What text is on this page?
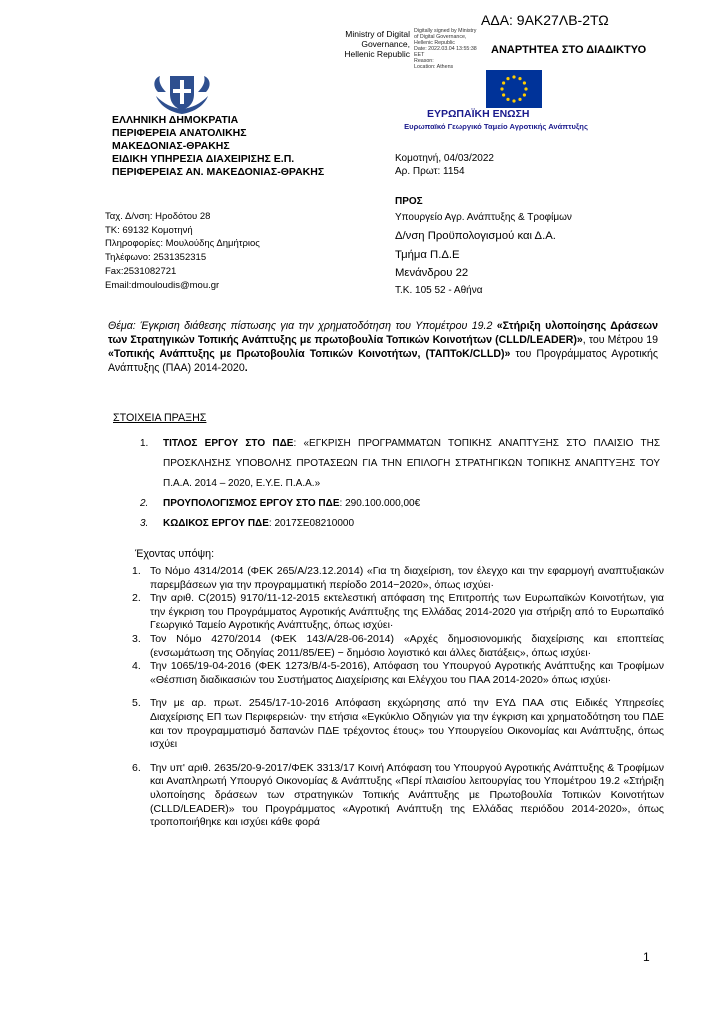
ΑΔΑ: 9ΑΚ27ΛΒ-2ΤΩ
Ministry of Digital
Governance,
Hellenic Republic
Digitally signed by Ministry
of Digital Governance,
Hellenic Republic
Date: 2022.03.04 13:55:38
EET
Reason:
Location: Athens
ΑΝΑΡΤΗΤΕΑ ΣΤΟ ΔΙΑΔΙΚΤΥΟ
ΕΛΛΗΝΙΚΗ ΔΗΜΟΚΡΑΤΙΑ
ΠΕΡΙΦΕΡΕΙΑ ΑΝΑΤΟΛΙΚΗΣ
ΜΑΚΕΔΟΝΙΑΣ-ΘΡΑΚΗΣ
ΕΙΔΙΚΗ ΥΠΗΡΕΣΙΑ ΔΙΑΧΕΙΡΙΣΗΣ Ε.Π.
ΠΕΡΙΦΕΡΕΙΑΣ ΑΝ. ΜΑΚΕΔΟΝΙΑΣ-ΘΡΑΚΗΣ
ΕΥΡΩΠΑΪΚΗ ΕΝΩΣΗ
Ευρωπαϊκό Γεωργικό Ταμείο Αγροτικής Ανάπτυξης
Κομοτηνή, 04/03/2022
Αρ. Πρωτ: 1154
Ταχ. Δ/νση: Ηροδότου 28
ΤΚ: 69132 Κομοτηνή
Πληροφορίες: Μουλούδης Δημήτριος
Τηλέφωνο: 2531352315
Fax:2531082721
Email:dmouloudis@mou.gr
ΠΡΟΣ
Υπουργείο Αγρ. Ανάπτυξης & Τροφίμων
Δ/νση Προϋπολογισμού και Δ.Α.
Τμήμα Π.Δ.Ε
Μενάνδρου 22
Τ.Κ. 105 52 - Αθήνα
Θέμα: Έγκριση διάθεσης πίστωσης για την χρηματοδότηση του Υπομέτρου 19.2 «Στήριξη υλοποίησης Δράσεων των Στρατηγικών Τοπικής Ανάπτυξης με πρωτοβουλία Τοπικών Κοινοτήτων (CLLD/LEADER)», του Μέτρου 19 «Τοπικής Ανάπτυξης με Πρωτοβουλία Τοπικών Κοινοτήτων, (ΤΑΠΤοΚ/CLLD)» του Προγράμματος Αγροτικής Ανάπτυξης (ΠΑΑ) 2014-2020.
ΣΤΟΙΧΕΙΑ ΠΡΑΞΗΣ
1.	ΤΙΤΛΟΣ ΕΡΓΟΥ ΣΤΟ ΠΔΕ: «ΕΓΚΡΙΣΗ ΠΡΟΓΡΑΜΜΑΤΩΝ ΤΟΠΙΚΗΣ ΑΝΑΠΤΥΞΗΣ ΣΤΟ ΠΛΑΙΣΙΟ ΤΗΣ ΠΡΟΣΚΛΗΣΗΣ ΥΠΟΒΟΛΗΣ ΠΡΟΤΑΣΕΩΝ ΓΙΑ ΤΗΝ ΕΠΙΛΟΓΗ ΣΤΡΑΤΗΓΙΚΩΝ ΤΟΠΙΚΗΣ ΑΝΑΠΤΥΞΗΣ ΤΟΥ Π.Α.Α. 2014 – 2020, Ε.Υ.Ε. Π.Α.Α.»
2.	ΠΡΟΥΠΟΛΟΓΙΣΜΟΣ ΕΡΓΟΥ ΣΤΟ ΠΔΕ: 290.100.000,00€
3.	ΚΩΔΙΚΟΣ ΕΡΓΟΥ ΠΔΕ: 2017ΣΕ08210000
Έχοντας υπόψη:
1. Το Νόμο 4314/2014 (ΦΕΚ 265/Α/23.12.2014) «Για τη διαχείριση, τον έλεγχο και την εφαρμογή αναπτυξιακών παρεμβάσεων για την προγραμματική περίοδο 2014−2020», όπως ισχύει·
2. Την αριθ. C(2015) 9170/11-12-2015 εκτελεστική απόφαση της Επιτροπής των Ευρωπαϊκών Κοινοτήτων, για την έγκριση του Προγράμματος Αγροτικής Ανάπτυξης της Ελλάδας 2014-2020 για στήριξη από το Ευρωπαϊκό Γεωργικό Ταμείο Αγροτικής Ανάπτυξης, όπως ισχύει·
3. Τον Νόμο 4270/2014 (ΦΕΚ 143/Α/28-06-2014) «Αρχές δημοσιονομικής διαχείρισης και εποπτείας (ενσωμάτωση της Οδηγίας 2011/85/ΕΕ) − δημόσιο λογιστικό και άλλες διατάξεις», όπως ισχύει·
4. Την 1065/19-04-2016 (ΦΕΚ 1273/Β/4-5-2016), Απόφαση του Υπουργού Αγροτικής Ανάπτυξης και Τροφίμων «Θέσπιση διαδικασιών του Συστήματος Διαχείρισης και Ελέγχου του ΠΑΑ 2014-2020» όπως ισχύει·
5. Την με αρ. πρωτ. 2545/17-10-2016 Απόφαση εκχώρησης από την ΕΥΔ ΠΑΑ στις Ειδικές Υπηρεσίες Διαχείρισης ΕΠ των Περιφερειών· την ετήσια «Εγκύκλιο Οδηγιών για την έγκριση και χρηματοδότηση του ΠΔΕ και τον προγραμματισμό δαπανών ΠΔΕ τρέχοντος έτους» του Υπουργείου Οικονομίας και Ανάπτυξης, όπως ισχύει
6. Την υπ' αριθ. 2635/20-9-2017/ΦΕΚ 3313/17 Κοινή Απόφαση του Υπουργού Αγροτικής Ανάπτυξης & Τροφίμων και Αναπληρωτή Υπουργό Οικονομίας & Ανάπτυξης «Περί πλαισίου λειτουργίας του Υπομέτρου 19.2 «Στήριξη υλοποίησης δράσεων των στρατηγικών Τοπικής Ανάπτυξης με Πρωτοβουλία Τοπικών Κοινοτήτων (CLLD/LEADER)» του Προγράμματος «Αγροτική Ανάπτυξη της Ελλάδας περιόδου 2014-2020», όπως τροποποιήθηκε και ισχύει κάθε φορά
1
